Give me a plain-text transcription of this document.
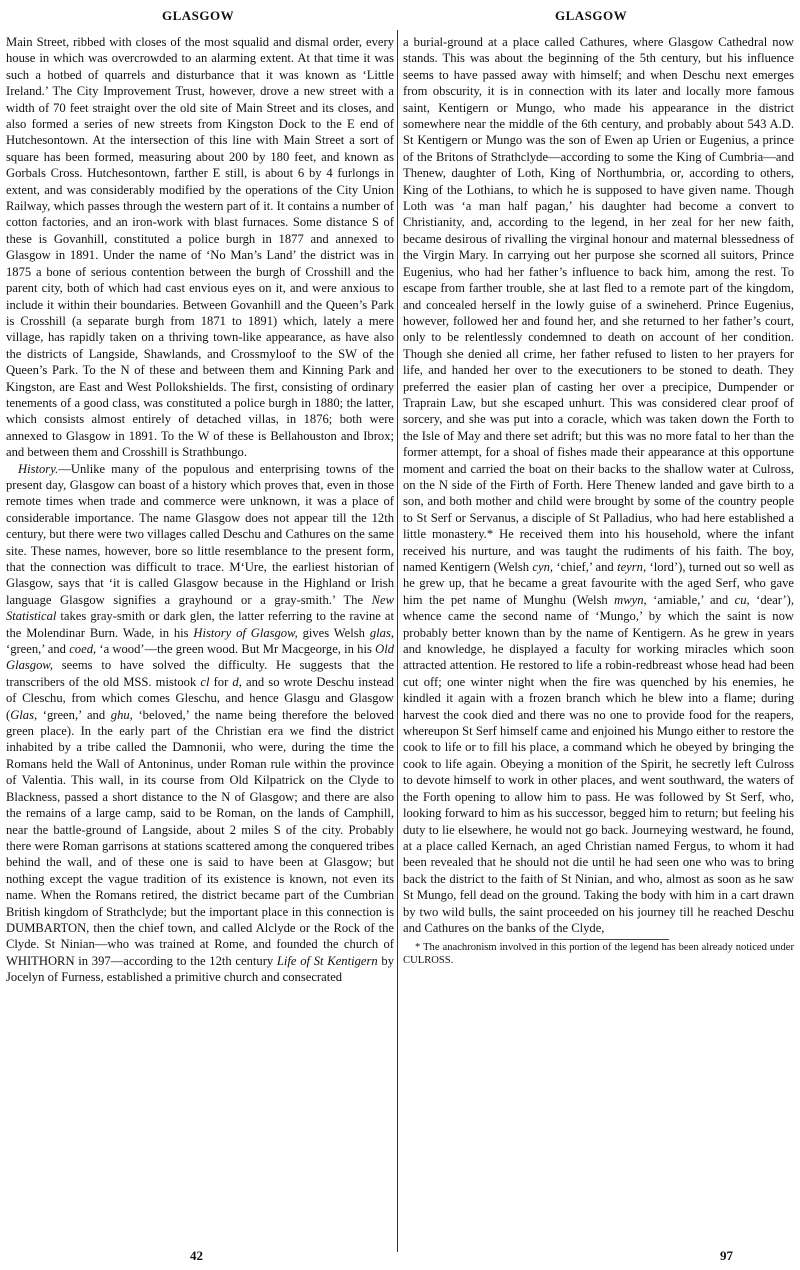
GLASGOW	GLASGOW

Main Street, ribbed with closes of the most squalid and dismal order, every house in which was overcrowded to an alarming extent. At that time it was such a hotbed of quarrels and disturbance that it was known as ‘Little Ireland.’ The City Improvement Trust, however, drove a new street with a width of 70 feet straight over the old site of Main Street and its closes, and also formed a series of new streets from Kingston Dock to the E end of Hutchesontown. At the intersection of this line with Main Street a sort of square has been formed, measuring about 200 by 180 feet, and known as Gorbals Cross. Hutchesontown, farther E still, is about 6 by 4 furlongs in extent, and was considerably modified by the operations of the City Union Railway, which passes through the western part of it. It contains a number of cotton factories, and an iron-work with blast furnaces. Some distance S of these is Govanhill, constituted a police burgh in 1877 and annexed to Glasgow in 1891. Under the name of ‘No Man’s Land’ the district was in 1875 a bone of serious contention between the burgh of Crosshill and the parent city, both of which had cast envious eyes on it, and were anxious to include it within their boundaries. Between Govanhill and the Queen’s Park is Crosshill (a separate burgh from 1871 to 1891) which, lately a mere village, has rapidly taken on a thriving town-like appearance, as have also the districts of Langside, Shawlands, and Crossmyloof to the SW of the Queen’s Park. To the N of these and between them and Kinning Park and Kingston, are East and West Pollokshields. The first, consisting of ordinary tenements of a good class, was constituted a police burgh in 1880; the latter, which consists almost entirely of detached villas, in 1876; both were annexed to Glasgow in 1891. To the W of these is Bellahouston and Ibrox; and between them and Crosshill is Strathbungo.

History.—Unlike many of the populous and enterprising towns of the present day, Glasgow can boast of a history which proves that, even in those remote times when trade and commerce were unknown, it was a place of considerable importance. The name Glasgow does not appear till the 12th century, but there were two villages called Deschu and Cathures on the same site. These names, however, bore so little resemblance to the present form, that the connection was difficult to trace. M‘Ure, the earliest historian of Glasgow, says that ‘it is called Glasgow because in the Highland or Irish language Glasgow signifies a grayhound or a gray-smith.’ The New Statistical takes gray-smith or dark glen, the latter referring to the ravine at the Molendinar Burn. Wade, in his History of Glasgow, gives Welsh glas, ‘green,’ and coed, ‘a wood’—the green wood. But Mr Macgeorge, in his Old Glasgow, seems to have solved the difficulty. He suggests that the transcribers of the old MSS. mistook cl for d, and so wrote Deschu instead of Cleschu, from which comes Gleschu, and hence Glasgu and Glasgow (Glas, ‘green,’ and ghu, ‘beloved,’ the name being therefore the beloved green place). In the early part of the Christian era we find the district inhabited by a tribe called the Damnonii, who were, during the time the Romans held the Wall of Antoninus, under Roman rule within the province of Valentia. This wall, in its course from Old Kilpatrick on the Clyde to Blackness, passed a short distance to the N of Glasgow; and there are also the remains of a large camp, said to be Roman, on the lands of Camphill, near the battle-ground of Langside, about 2 miles S of the city. Probably there were Roman garrisons at stations scattered among the conquered tribes behind the wall, and of these one is said to have been at Glasgow; but nothing except the vague tradition of its existence is known, not even its name. When the Romans retired, the district became part of the Cumbrian British kingdom of Strathclyde; but the important place in this connection is DUMBARTON, then the chief town, and called Alclyde or the Rock of the Clyde. St Ninian—who was trained at Rome, and founded the church of WHITHORN in 397—according to the 12th century Life of St Kentigern by Jocelyn of Furness, established a primitive church and consecrated

a burial-ground at a place called Cathures, where Glasgow Cathedral now stands. This was about the beginning of the 5th century, but his influence seems to have passed away with himself; and when Deschu next emerges from obscurity, it is in connection with its later and locally more famous saint, Kentigern or Mungo, who made his appearance in the district somewhere near the middle of the 6th century, and probably about 543 A.D. St Kentigern or Mungo was the son of Ewen ap Urien or Eugenius, a prince of the Britons of Strathclyde—according to some the King of Cumbria—and Thenew, daughter of Loth, King of Northumbria, or, according to others, King of the Lothians, to which he is supposed to have given name. Though Loth was ‘a man half pagan,’ his daughter had become a convert to Christianity, and, according to the legend, in her zeal for her new faith, became desirous of rivalling the virginal honour and maternal blessedness of the Virgin Mary. In carrying out her purpose she scorned all suitors, Prince Eugenius, who had her father’s influence to back him, among the rest. To escape from farther trouble, she at last fled to a remote part of the kingdom, and concealed herself in the lowly guise of a swineherd. Prince Eugenius, however, followed her and found her, and she returned to her father’s court, only to be relentlessly condemned to death on account of her condition. Though she denied all crime, her father refused to listen to her prayers for life, and handed her over to the executioners to be stoned to death. They preferred the easier plan of casting her over a precipice, Dumpender or Traprain Law, but she escaped unhurt. This was considered clear proof of sorcery, and she was put into a coracle, which was taken down the Forth to the Isle of May and there set adrift; but this was no more fatal to her than the former attempt, for a shoal of fishes made their appearance at this opportune moment and carried the boat on their backs to the shallow water at Culross, on the N side of the Firth of Forth. Here Thenew landed and gave birth to a son, and both mother and child were brought by some of the country people to St Serf or Servanus, a disciple of St Palladius, who had here established a little monastery.* He received them into his household, where the infant received his nurture, and was taught the rudiments of his faith. The boy, named Kentigern (Welsh cyn, ‘chief,’ and teyrn, ‘lord’), turned out so well as he grew up, that he became a great favourite with the aged Serf, who gave him the pet name of Munghu (Welsh mwyn, ‘amiable,’ and cu, ‘dear’), whence came the second name of ‘Mungo,’ by which the saint is now probably better known than by the name of Kentigern. As he grew in years and knowledge, he displayed a faculty for working miracles which soon attracted attention. He restored to life a robin-redbreast whose head had been cut off; one winter night when the fire was quenched by his enemies, he kindled it again with a frozen branch which he blew into a flame; during harvest the cook died and there was no one to provide food for the reapers, whereupon St Serf himself came and enjoined his Mungo either to restore the cook to life or to fill his place, a command which he obeyed by bringing the cook to life again. Obeying a monition of the Spirit, he secretly left Culross to devote himself to work in other places, and went southward, the waters of the Forth opening to allow him to pass. He was followed by St Serf, who, looking forward to him as his successor, begged him to return; but feeling his duty to lie elsewhere, he would not go back. Journeying westward, he found, at a place called Kernach, an aged Christian named Fergus, to whom it had been revealed that he should not die until he had seen one who was to bring back the district to the faith of St Ninian, and who, almost as soon as he saw St Mungo, fell dead on the ground. Taking the body with him in a cart drawn by two wild bulls, the saint proceeded on his journey till he reached Deschu and Cathures on the banks of the Clyde,

* The anachronism involved in this portion of the legend has been already noticed under CULROSS.

42	97
